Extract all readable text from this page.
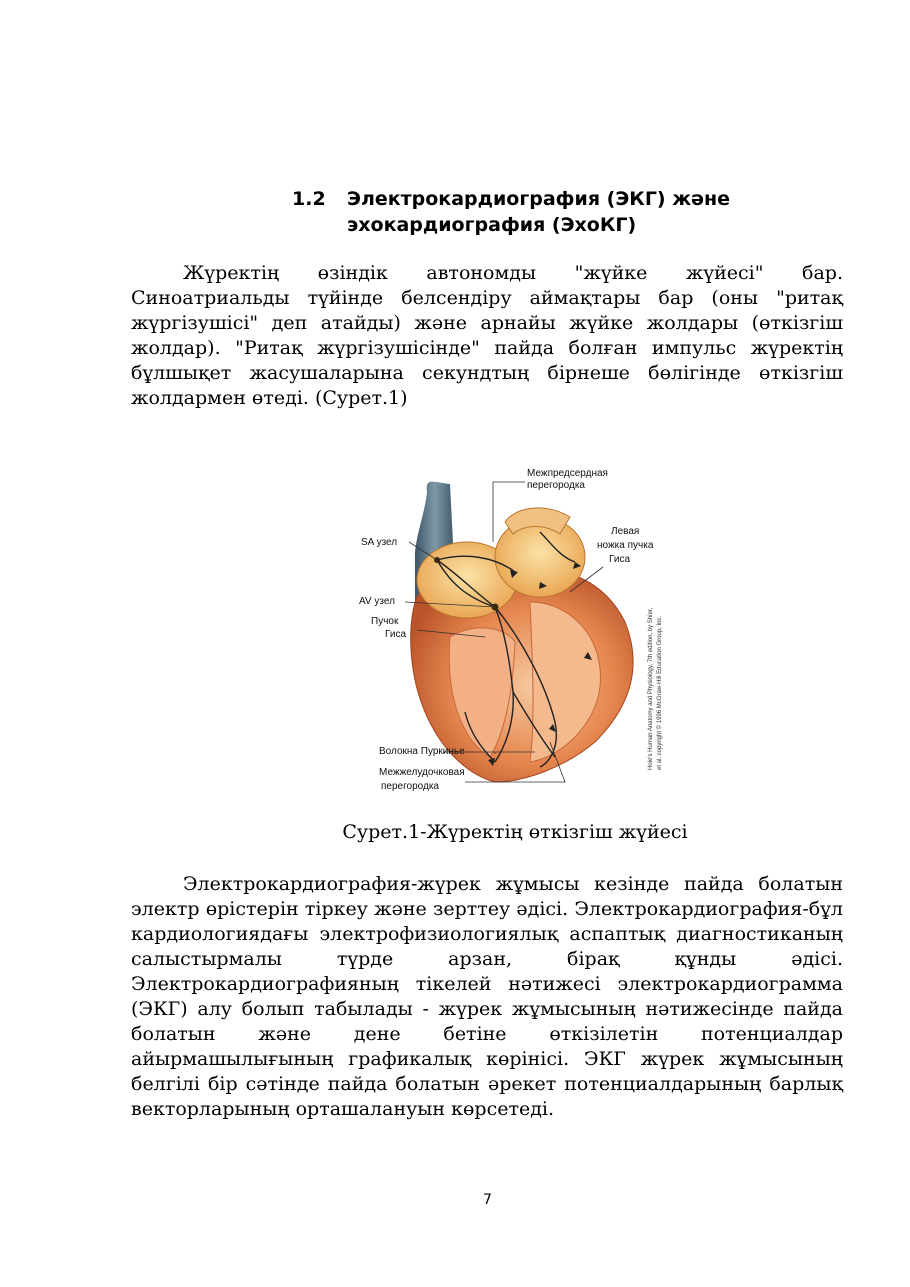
1.2 Электрокардиография (ЭКГ) және эхокардиография (ЭхоКГ)

Жүректің өзіндік автономды "жүйке жүйесі" бар. Синоатриальды түйінде белсендіру аймақтары бар (оны "ритақ жүргізушісі" деп атайды) және арнайы жүйке жолдары (өткізгіш жолдар). "Ритақ жүргізушісінде" пайда болған импульс жүректің бұлшықет жасушаларына секундтың бірнеше бөлігінде өткізгіш жолдармен өтеді. (Сурет.1)

Межпредсердная
перегородка
Левая
ножка пучка
Гиса
SA узел
AV узел
Пучок
Гиса
Волокна Пуркинье
Межжелудочковая
перегородка
Hole's Human Anatomy and Physiology, 7th edition, by Shier, et al. copyright © 1996 McGraw-Hill Education Group, Inc.
Сурет.1-Жүректің өткізгіш жүйесі

Электрокардиография-жүрек жұмысы кезінде пайда болатын электр өрістерін тіркеу және зерттеу әдісі. Электрокардиография-бұл кардиологиядағы электрофизиологиялық аспаптық диагностиканың салыстырмалы түрде арзан, бірақ құнды әдісі. Электрокардиографияның тікелей нәтижесі электрокардиограмма (ЭКГ) алу болып табылады - жүрек жұмысының нәтижесінде пайда болатын және дене бетіне өткізілетін потенциалдар айырмашылығының графикалық көрінісі. ЭКГ жүрек жұмысының белгілі бір сәтінде пайда болатын әрекет потенциалдарының барлық векторларының орташалануын көрсетеді.

7
